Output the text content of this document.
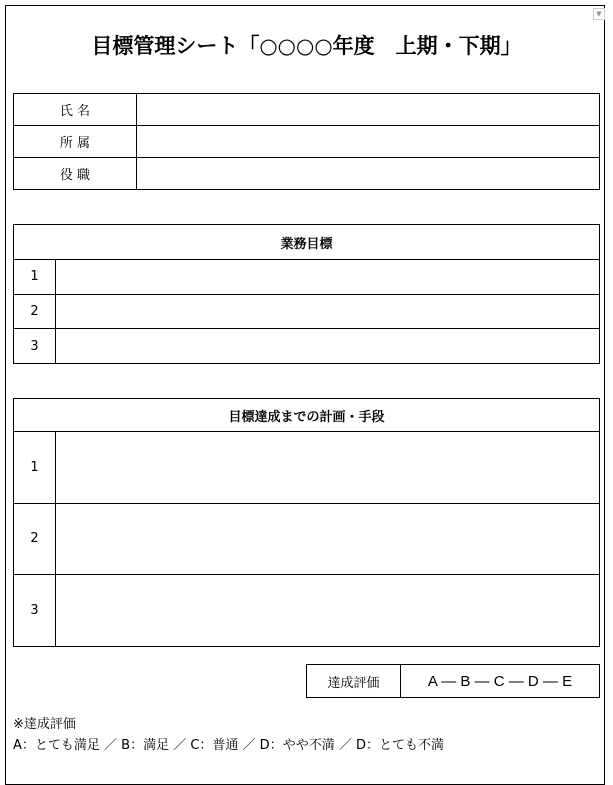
▼
目標管理シート「○○○○年度　上期・下期」
氏 名	
所 属	
役 職	
業務目標	
1	
2	
3	
目標達成までの計画・手段	
1	
2	
3	
達成評価	A — B — C — D — E
※達成評価
A：とても満足 ／ B：満足 ／ C：普通 ／ D：やや不満 ／ D：とても不満
